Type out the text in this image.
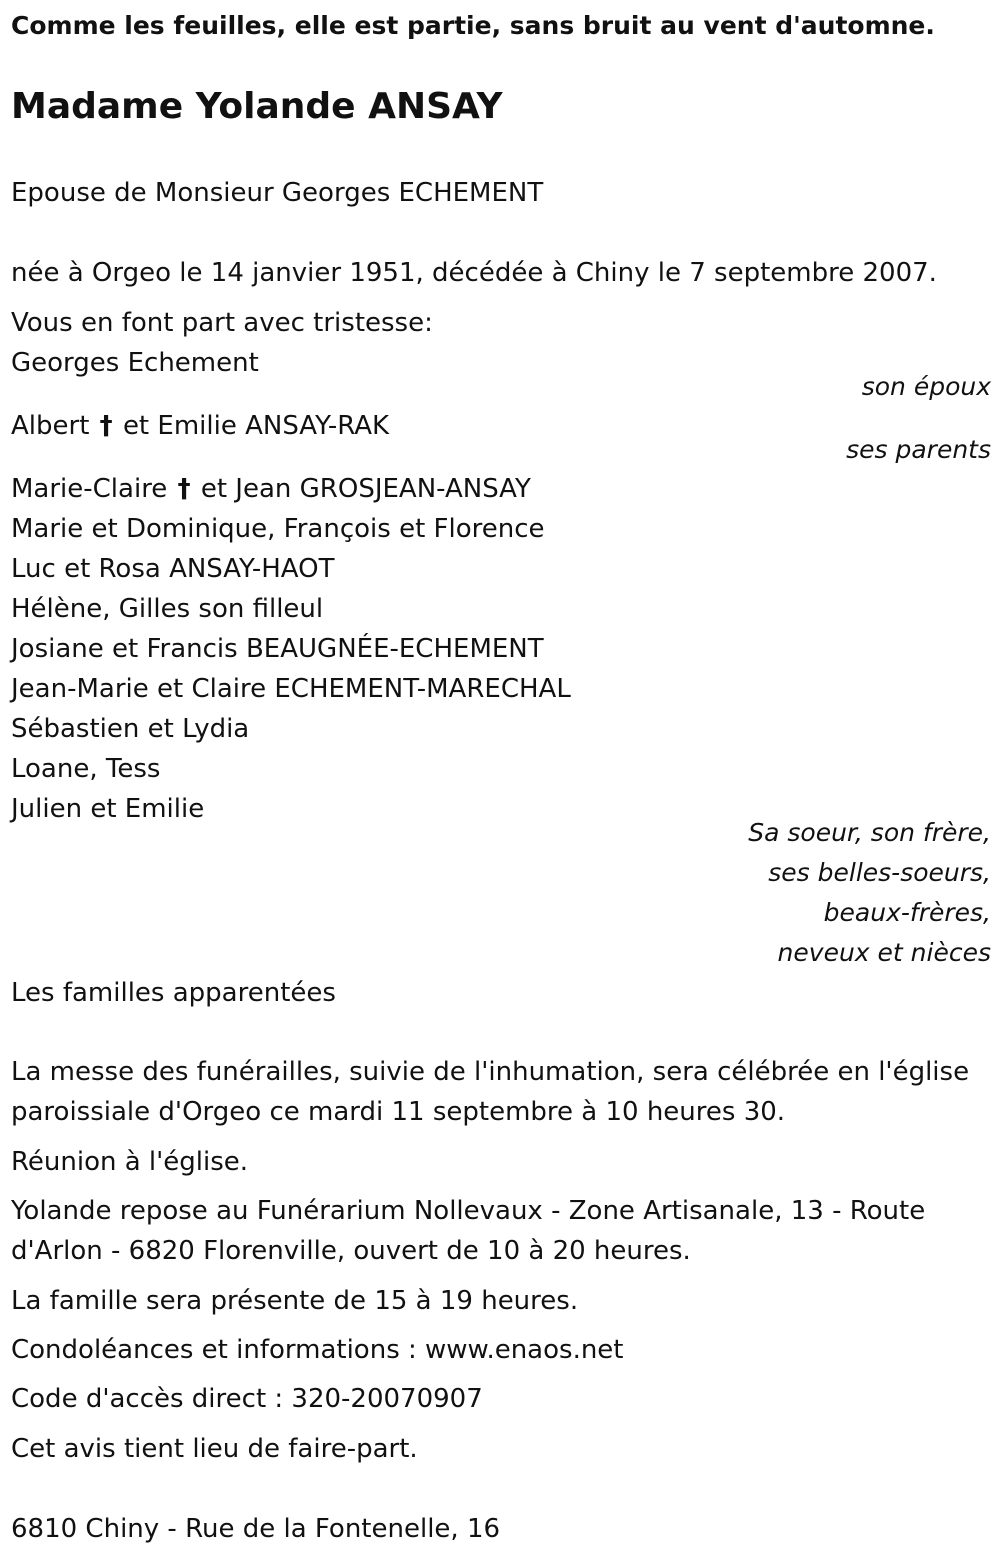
Comme les feuilles, elle est partie, sans bruit au vent d'automne.
Madame Yolande ANSAY
Epouse de Monsieur Georges ECHEMENT
née à Orgeo le 14 janvier 1951, décédée à Chiny le 7 septembre 2007.
Vous en font part avec tristesse:
Georges Echement
son époux
Albert † et Emilie ANSAY-RAK
ses parents
Marie-Claire † et Jean GROSJEAN-ANSAY
Marie et Dominique, François et Florence
Luc et Rosa ANSAY-HAOT
Hélène, Gilles son filleul
Josiane et Francis BEAUGNÉE-ECHEMENT
Jean-Marie et Claire ECHEMENT-MARECHAL
Sébastien et Lydia
Loane, Tess
Julien et Emilie
Sa soeur, son frère,
ses belles-soeurs,
beaux-frères,
neveux et nièces
Les familles apparentées
La messe des funérailles, suivie de l'inhumation, sera célébrée en l'église paroissiale d'Orgeo ce mardi 11 septembre à 10 heures 30.
Réunion à l'église.
Yolande repose au Funérarium Nollevaux - Zone Artisanale, 13 - Route d'Arlon - 6820 Florenville, ouvert de 10 à 20 heures.
La famille sera présente de 15 à 19 heures.
Condoléances et informations : www.enaos.net
Code d'accès direct : 320-20070907
Cet avis tient lieu de faire-part.
6810 Chiny - Rue de la Fontenelle, 16
